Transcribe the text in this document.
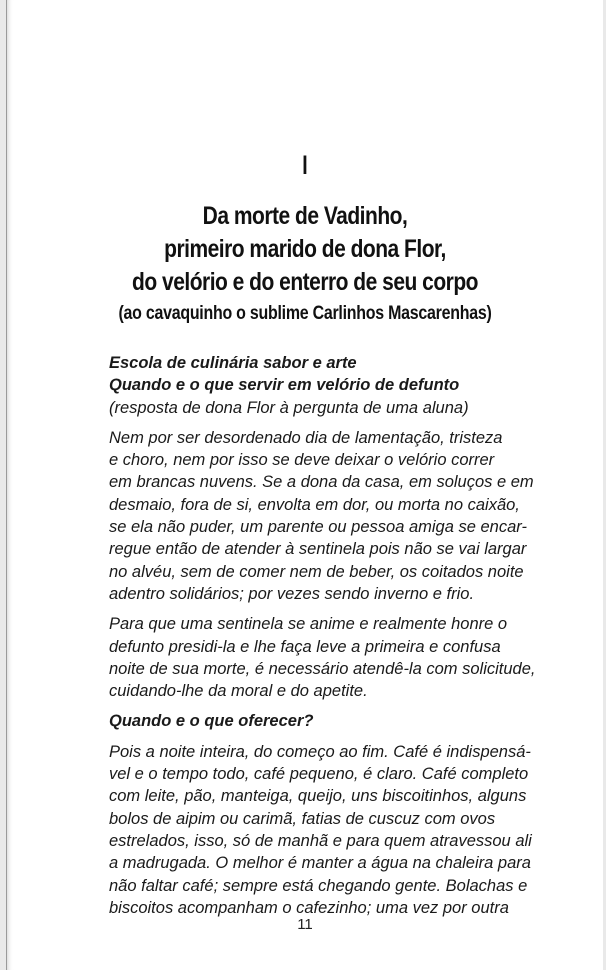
I
Da morte de Vadinho,
primeiro marido de dona Flor,
do velório e do enterro de seu corpo
(ao cavaquinho o sublime Carlinhos Mascarenhas)
Escola de culinária sabor e arte
Quando e o que servir em velório de defunto
(resposta de dona Flor à pergunta de uma aluna)
Nem por ser desordenado dia de lamentação, tristeza
e choro, nem por isso se deve deixar o velório correr
em brancas nuvens. Se a dona da casa, em soluços e em
desmaio, fora de si, envolta em dor, ou morta no caixão,
se ela não puder, um parente ou pessoa amiga se encar-
regue então de atender à sentinela pois não se vai largar
no alvéu, sem de comer nem de beber, os coitados noite
adentro solidários; por vezes sendo inverno e frio.
Para que uma sentinela se anime e realmente honre o
defunto presidi-la e lhe faça leve a primeira e confusa
noite de sua morte, é necessário atendê-la com solicitude,
cuidando-lhe da moral e do apetite.
Quando e o que oferecer?
Pois a noite inteira, do começo ao fim. Café é indispensá-
vel e o tempo todo, café pequeno, é claro. Café completo
com leite, pão, manteiga, queijo, uns biscoitinhos, alguns
bolos de aipim ou carimã, fatias de cuscuz com ovos
estrelados, isso, só de manhã e para quem atravessou ali
a madrugada. O melhor é manter a água na chaleira para
não faltar café; sempre está chegando gente. Bolachas e
biscoitos acompanham o cafezinho; uma vez por outra
11
